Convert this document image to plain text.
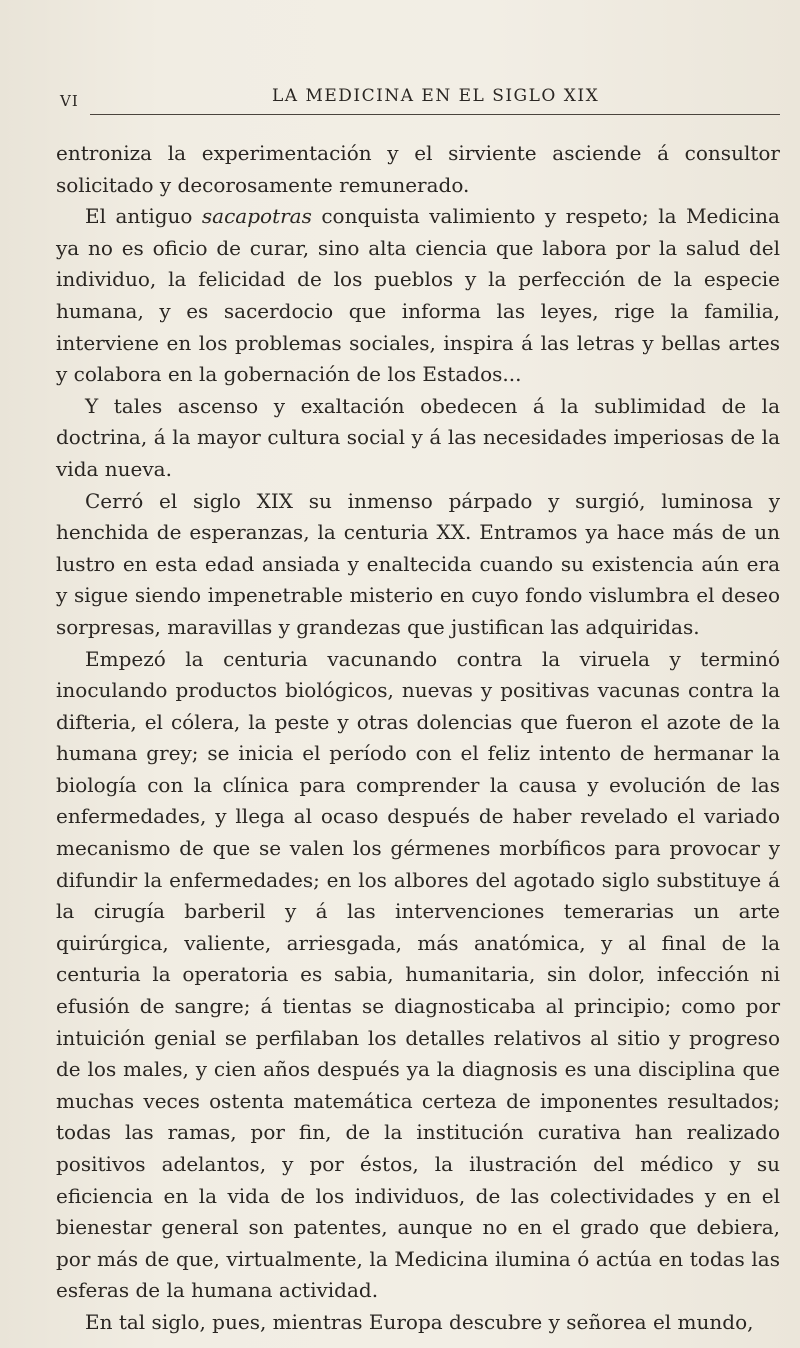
VI	LA MEDICINA EN EL SIGLO XIX

entroniza la experimentación y el sirviente asciende á consultor solicitado y decorosamente remunerado.

El antiguo sacapotras conquista valimiento y respeto; la Medicina ya no es oficio de curar, sino alta ciencia que labora por la salud del individuo, la felicidad de los pueblos y la perfección de la especie humana, y es sacerdocio que informa las leyes, rige la familia, interviene en los problemas sociales, inspira á las letras y bellas artes y colabora en la gobernación de los Estados...

Y tales ascenso y exaltación obedecen á la sublimidad de la doctrina, á la mayor cultura social y á las necesidades imperiosas de la vida nueva.

Cerró el siglo XIX su inmenso párpado y surgió, luminosa y henchida de esperanzas, la centuria XX. Entramos ya hace más de un lustro en esta edad ansiada y enaltecida cuando su existencia aún era y sigue siendo impenetrable misterio en cuyo fondo vislumbra el deseo sorpresas, maravillas y grandezas que justifican las adquiridas.

Empezó la centuria vacunando contra la viruela y terminó inoculando productos biológicos, nuevas y positivas vacunas contra la difteria, el cólera, la peste y otras dolencias que fueron el azote de la humana grey; se inicia el período con el feliz intento de hermanar la biología con la clínica para comprender la causa y evolución de las enfermedades, y llega al ocaso después de haber revelado el variado mecanismo de que se valen los gérmenes morbíficos para provocar y difundir la enfermedades; en los albores del agotado siglo substituye á la cirugía barberil y á las intervenciones temerarias un arte quirúrgica, valiente, arriesgada, más anatómica, y al final de la centuria la operatoria es sabia, humanitaria, sin dolor, infección ni efusión de sangre; á tientas se diagnosticaba al principio; como por intuición genial se perfilaban los detalles relativos al sitio y progreso de los males, y cien años después ya la diagnosis es una disciplina que muchas veces ostenta matemática certeza de imponentes resultados; todas las ramas, por fin, de la institución curativa han realizado positivos adelantos, y por éstos, la ilustración del médico y su eficiencia en la vida de los individuos, de las colectividades y en el bienestar general son patentes, aunque no en el grado que debiera, por más de que, virtualmente, la Medicina ilumina ó actúa en todas las esferas de la humana actividad.

En tal siglo, pues, mientras Europa descubre y señorea el mundo,
